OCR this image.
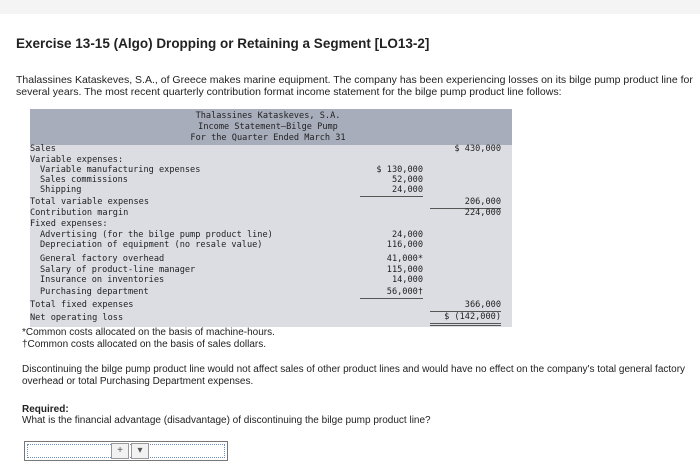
Exercise 13-15 (Algo) Dropping or Retaining a Segment [LO13-2]
Thalassines Kataskeves, S.A., of Greece makes marine equipment. The company has been experiencing losses on its bilge pump product line for several years. The most recent quarterly contribution format income statement for the bilge pump product line follows:
Thalassines Kataskeves, S.A.
Income Statement—Bilge Pump
For the Quarter Ended March 31
Sales	$ 430,000
Variable expenses:
Variable manufacturing expenses	$ 130,000
Sales commissions	52,000
Shipping	24,000
Total variable expenses	206,000
Contribution margin	224,000
Fixed expenses:
Advertising (for the bilge pump product line)	24,000
Depreciation of equipment (no resale value)	116,000
General factory overhead	41,000*
Salary of product-line manager	115,000
Insurance on inventories	14,000
Purchasing department	56,000†
Total fixed expenses	366,000
Net operating loss	$ (142,000)
*Common costs allocated on the basis of machine-hours.
†Common costs allocated on the basis of sales dollars.
Discontinuing the bilge pump product line would not affect sales of other product lines and would have no effect on the company's total general factory overhead or total Purchasing Department expenses.
Required:
What is the financial advantage (disadvantage) of discontinuing the bilge pump product line?
+	▾
